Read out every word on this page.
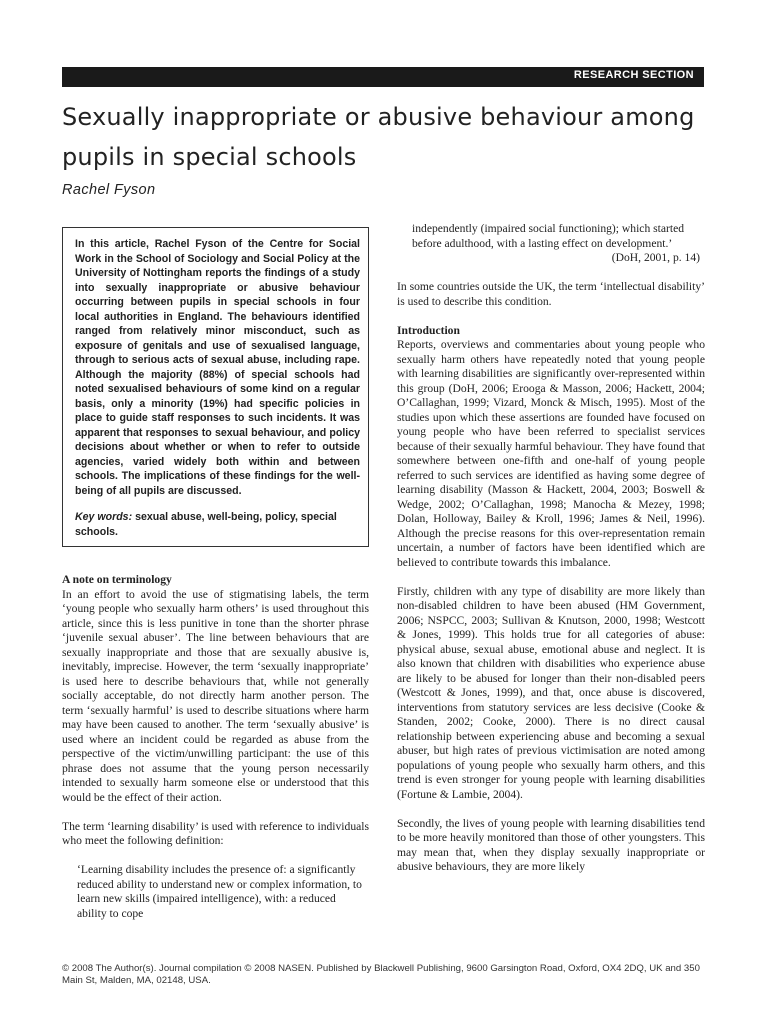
RESEARCH SECTION
Sexually inappropriate or abusive behaviour among pupils in special schools
Rachel Fyson

In this article, Rachel Fyson of the Centre for Social Work in the School of Sociology and Social Policy at the University of Nottingham reports the findings of a study into sexually inappropriate or abusive behaviour occurring between pupils in special schools in four local authorities in England. The behaviours identified ranged from relatively minor misconduct, such as exposure of genitals and use of sexualised language, through to serious acts of sexual abuse, including rape. Although the majority (88%) of special schools had noted sexualised behaviours of some kind on a regular basis, only a minority (19%) had specific policies in place to guide staff responses to such incidents. It was apparent that responses to sexual behaviour, and policy decisions about whether or when to refer to outside agencies, varied widely both within and between schools. The implications of these findings for the well-being of all pupils are discussed.

Key words: sexual abuse, well-being, policy, special schools.

A note on terminology

In an effort to avoid the use of stigmatising labels, the term ‘young people who sexually harm others’ is used throughout this article, since this is less punitive in tone than the shorter phrase ‘juvenile sexual abuser’. The line between behaviours that are sexually inappropriate and those that are sexually abusive is, inevitably, imprecise. However, the term ‘sexually inappropriate’ is used here to describe behaviours that, while not generally socially acceptable, do not directly harm another person. The term ‘sexually harmful’ is used to describe situations where harm may have been caused to another. The term ‘sexually abusive’ is used where an incident could be regarded as abuse from the perspective of the victim/unwilling participant: the use of this phrase does not assume that the young person necessarily intended to sexually harm someone else or understood that this would be the effect of their action.

The term ‘learning disability’ is used with reference to individuals who meet the following definition:

‘Learning disability includes the presence of: a significantly reduced ability to understand new or complex information, to learn new skills (impaired intelligence), with: a reduced ability to cope

independently (impaired social functioning); which started before adulthood, with a lasting effect on development.’

(DoH, 2001, p. 14)

In some countries outside the UK, the term ‘intellectual disability’ is used to describe this condition.

Introduction

Reports, overviews and commentaries about young people who sexually harm others have repeatedly noted that young people with learning disabilities are significantly over-represented within this group (DoH, 2006; Erooga & Masson, 2006; Hackett, 2004; O’Callaghan, 1999; Vizard, Monck & Misch, 1995). Most of the studies upon which these assertions are founded have focused on young people who have been referred to specialist services because of their sexually harmful behaviour. They have found that somewhere between one-fifth and one-half of young people referred to such services are identified as having some degree of learning disability (Masson & Hackett, 2004, 2003; Boswell & Wedge, 2002; O’Callaghan, 1998; Manocha & Mezey, 1998; Dolan, Holloway, Bailey & Kroll, 1996; James & Neil, 1996). Although the precise reasons for this over-representation remain uncertain, a number of factors have been identified which are believed to contribute towards this imbalance.

Firstly, children with any type of disability are more likely than non-disabled children to have been abused (HM Government, 2006; NSPCC, 2003; Sullivan & Knutson, 2000, 1998; Westcott & Jones, 1999). This holds true for all categories of abuse: physical abuse, sexual abuse, emotional abuse and neglect. It is also known that children with disabilities who experience abuse are likely to be abused for longer than their non-disabled peers (Westcott & Jones, 1999), and that, once abuse is discovered, interventions from statutory services are less decisive (Cooke & Standen, 2002; Cooke, 2000). There is no direct causal relationship between experiencing abuse and becoming a sexual abuser, but high rates of previous victimisation are noted among populations of young people who sexually harm others, and this trend is even stronger for young people with learning disabilities (Fortune & Lambie, 2004).

Secondly, the lives of young people with learning disabilities tend to be more heavily monitored than those of other youngsters. This may mean that, when they display sexually inappropriate or abusive behaviours, they are more likely

© 2008 The Author(s). Journal compilation © 2008 NASEN. Published by Blackwell Publishing, 9600 Garsington Road, Oxford, OX4 2DQ, UK and 350 Main St, Malden, MA, 02148, USA.
